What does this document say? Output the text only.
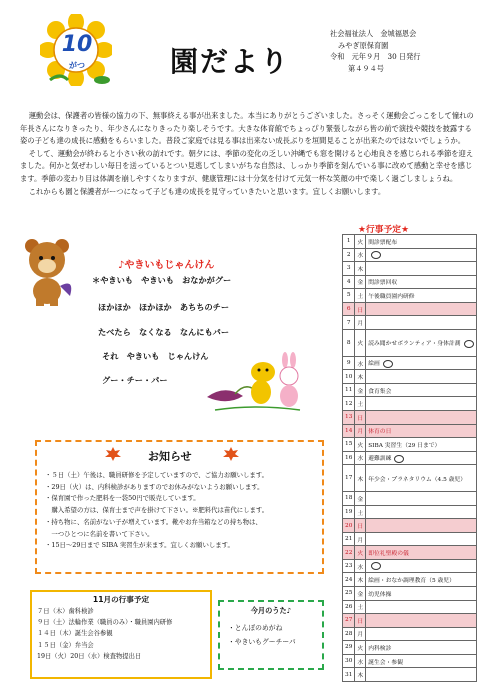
10
がつ	園だより
社会福祉法人　金城福恩会
みやぎ原保育園
令和　元年９月　30 日発行
第４９４号

運動会は、保護者の皆様の協力の下、無事終える事が出来ました。本当にありがとうございました。さっそく運動会ごっこをして憧れの年長さんになりきったり、年少さんになりきったり楽しそうです。大きな体育館でちょっぴり緊張しながら皆の前で演技や競技を披露する姿の子ども達の成長に感動をもらいました。普段ご家庭では見る事は出来ない成長ぶりを垣間見ることが出来たのではないでしょうか。

そして、運動会が終わると小さい秋の訪れです。朝夕には、季節の変化の乏しい沖縄でも窓を開けると心地良さを感じられる季節を迎えました。何かと気ぜわしい毎日を送っているとつい見逃してしまいがちな自然は、しっかり季節を刻んでいる事に改めて感動と幸せを感じます。季節の変わり目は体調を崩しやすくなりますが、健康管理には十分気を付けて元気一杯な笑顔の中で楽しく過ごしましょうね。

これからも園と保護者がーつになって子ども達の成長を見守っていきたいと思います。宜しくお願いします。

♪やきいもじゃんけん
＊やきいも　やきいも　おなかがグー
ほかほか　ほかほか　あちちのチー
たべたら　なくなる　なんにもパー
それ　やきいも　じゃんけん
グー・チー・パー
お知らせ
・５日（土）午後は、職員研修を予定していますので、ご協力お願いします。
・29日（火）は、内科検診がありますのでお休みがないようお願いします。
・保育園で作った肥料を一袋50円で販売しています。
　購入希望の方は、保育士まで声を掛けて下さい。※肥料代は苗代にします。
・持ち物に、名前がない子が増えています。靴やお弁当箱などの持ち物は、
　一つひとつに名前を書いて下さい。
・15日〜29日まで SIBA 実習生が来ます。宜しくお願いします。
11月の行事予定
７日（木）歯科検診
９日（土）法輪作業（職員のみ）・職員園内研修
１４日（木）誕生会谷参観
１５日（金）弁当会
19日（火）20日（水）検査物提出日
今月のうた♪
・とんぼのめがね
・やきいもグーチーパ
★行事予定★
1	火	間診票配布
2	水	
3	木	
4	金	問診票回収
5	土	午後職員園内研修
6	日	
7	月	
8	火	読み聞かせボランティア・身体計測
9	水	絵画
10	木	
11	金	食育集会
12	土	
13	日	
14	月	体育の日
15	火	SIBA 実習生（29 日まで）
16	水	避難訓練
17	木	年少会・プラネタリウム（4.5 歳児）
18	金	
19	土	
20	日	
21	月	
22	火	即位礼聖殿の儀
23	水	
24	木	絵画・おなか調理教育（5 歳児）
25	金	幼児体操
26	土	
27	日	
28	月	
29	火	内科検診
30	水	誕生会・参観
31	木	
